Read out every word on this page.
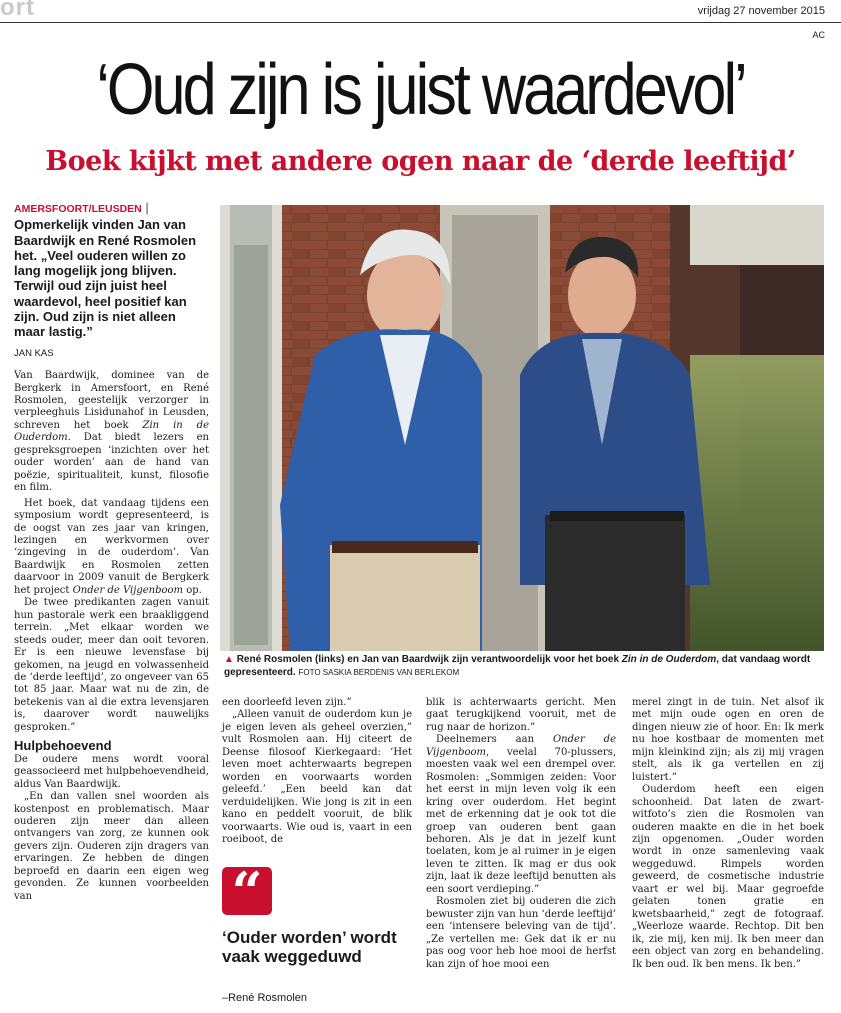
ort	vrijdag 27 november 2015
AC
‘Oud zijn is juist waardevol’
Boek kijkt met andere ogen naar de ‘derde leeftijd’
AMERSFOORT/LEUSDEN | Opmerkelijk vinden Jan van Baardwijk en René Rosmolen het. „Veel ouderen willen zo lang mogelijk jong blijven. Terwijl oud zijn juist heel waardevol, heel positief kan zijn. Oud zijn is niet alleen maar lastig.”
JAN KAS

Van Baardwijk, dominee van de Bergkerk in Amersfoort, en René Rosmolen, geestelijk verzorger in verpleeghuis Lisidunahof in Leusden, schreven het boek Zin in de Ouderdom. Dat biedt lezers en gespreksgroepen ‘inzichten over het ouder worden’ aan de hand van poëzie, spiritualiteit, kunst, filosofie en film.

Het boek, dat vandaag tijdens een symposium wordt gepresenteerd, is de oogst van zes jaar van kringen, lezingen en werkvormen over ‘zingeving in de ouderdom’. Van Baardwijk en Rosmolen zetten daarvoor in 2009 vanuit de Bergkerk het project Onder de Vijgenboom op.

De twee predikanten zagen vanuit hun pastorale werk een braakliggend terrein. „Met elkaar worden we steeds ouder, meer dan ooit tevoren. Er is een nieuwe levensfase bij gekomen, na jeugd en volwassenheid de ‘derde leeftijd’, zo ongeveer van 65 tot 85 jaar. Maar wat nu de zin, de betekenis van al die extra levensjaren is, daarover wordt nauwelijks gesproken.”

Hulpbehoevend

De oudere mens wordt vooral geassocieerd met hulpbehoevendheid, aldus Van Baardwijk.

„En dan vallen snel woorden als kostenpost en problematisch. Maar ouderen zijn meer dan alleen ontvangers van zorg, ze kunnen ook gevers zijn. Ouderen zijn dragers van ervaringen. Ze hebben de dingen beproefd en daarin een eigen weg gevonden. Ze kunnen voorbeelden van

▲ René Rosmolen (links) en Jan van Baardwijk zijn verantwoordelijk voor het boek Zin in de Ouderdom, dat vandaag wordt gepresenteerd. FOTO SASKIA BERDENIS VAN BERLEKOM

een doorleefd leven zijn.”

„Alleen vanuit de ouderdom kun je je eigen leven als geheel overzien,” vult Rosmolen aan. Hij citeert de Deense filosoof Kierkegaard: ‘Het leven moet achterwaarts begrepen worden en voorwaarts worden geleefd.’ „Een beeld kan dat verduidelijken. Wie jong is zit in een kano en peddelt vooruit, de blik voorwaarts. Wie oud is, vaart in een roeiboot, de

“
‘Ouder worden’ wordt vaak weggeduwd
–René Rosmolen

blik is achterwaarts gericht. Men gaat terugkijkend vooruit, met de rug naar de horizon.”

Deelnemers aan Onder de Vijgenboom, veelal 70-plussers, moesten vaak wel een drempel over. Rosmolen: „Sommigen zeiden: Voor het eerst in mijn leven volg ik een kring over ouderdom. Het begint met de erkenning dat je ook tot die groep van ouderen bent gaan behoren. Als je dat in jezelf kunt toelaten, kom je al ruimer in je eigen leven te zitten. Ik mag er dus ook zijn, laat ik deze leeftijd benutten als een soort verdieping.”

Rosmolen ziet bij ouderen die zich bewuster zijn van hun ‘derde leeftijd’ een ‘intensere beleving van de tijd’. „Ze vertellen me: Gek dat ik er nu pas oog voor heb hoe mooi de herfst kan zijn of hoe mooi een

merel zingt in de tuin. Net alsof ik met mijn oude ogen en oren de dingen nieuw zie of hoor. En: Ik merk nu hoe kostbaar de momenten met mijn kleinkind zijn; als zij mij vragen stelt, als ik ga vertellen en zij luistert.”

Ouderdom heeft een eigen schoonheid. Dat laten de zwart-witfoto’s zien die Rosmolen van ouderen maakte en die in het boek zijn opgenomen. „Ouder worden wordt in onze samenleving vaak weggeduwd. Rimpels worden geweerd, de cosmetische industrie vaart er wel bij. Maar gegroefde gelaten tonen gratie en kwetsbaarheid,” zegt de fotograaf. „Weerloze waarde. Rechtop. Dit ben ik, zie mij, ken mij. Ik ben meer dan een object van zorg en behandeling. Ik ben oud. Ik ben mens. Ik ben.”
